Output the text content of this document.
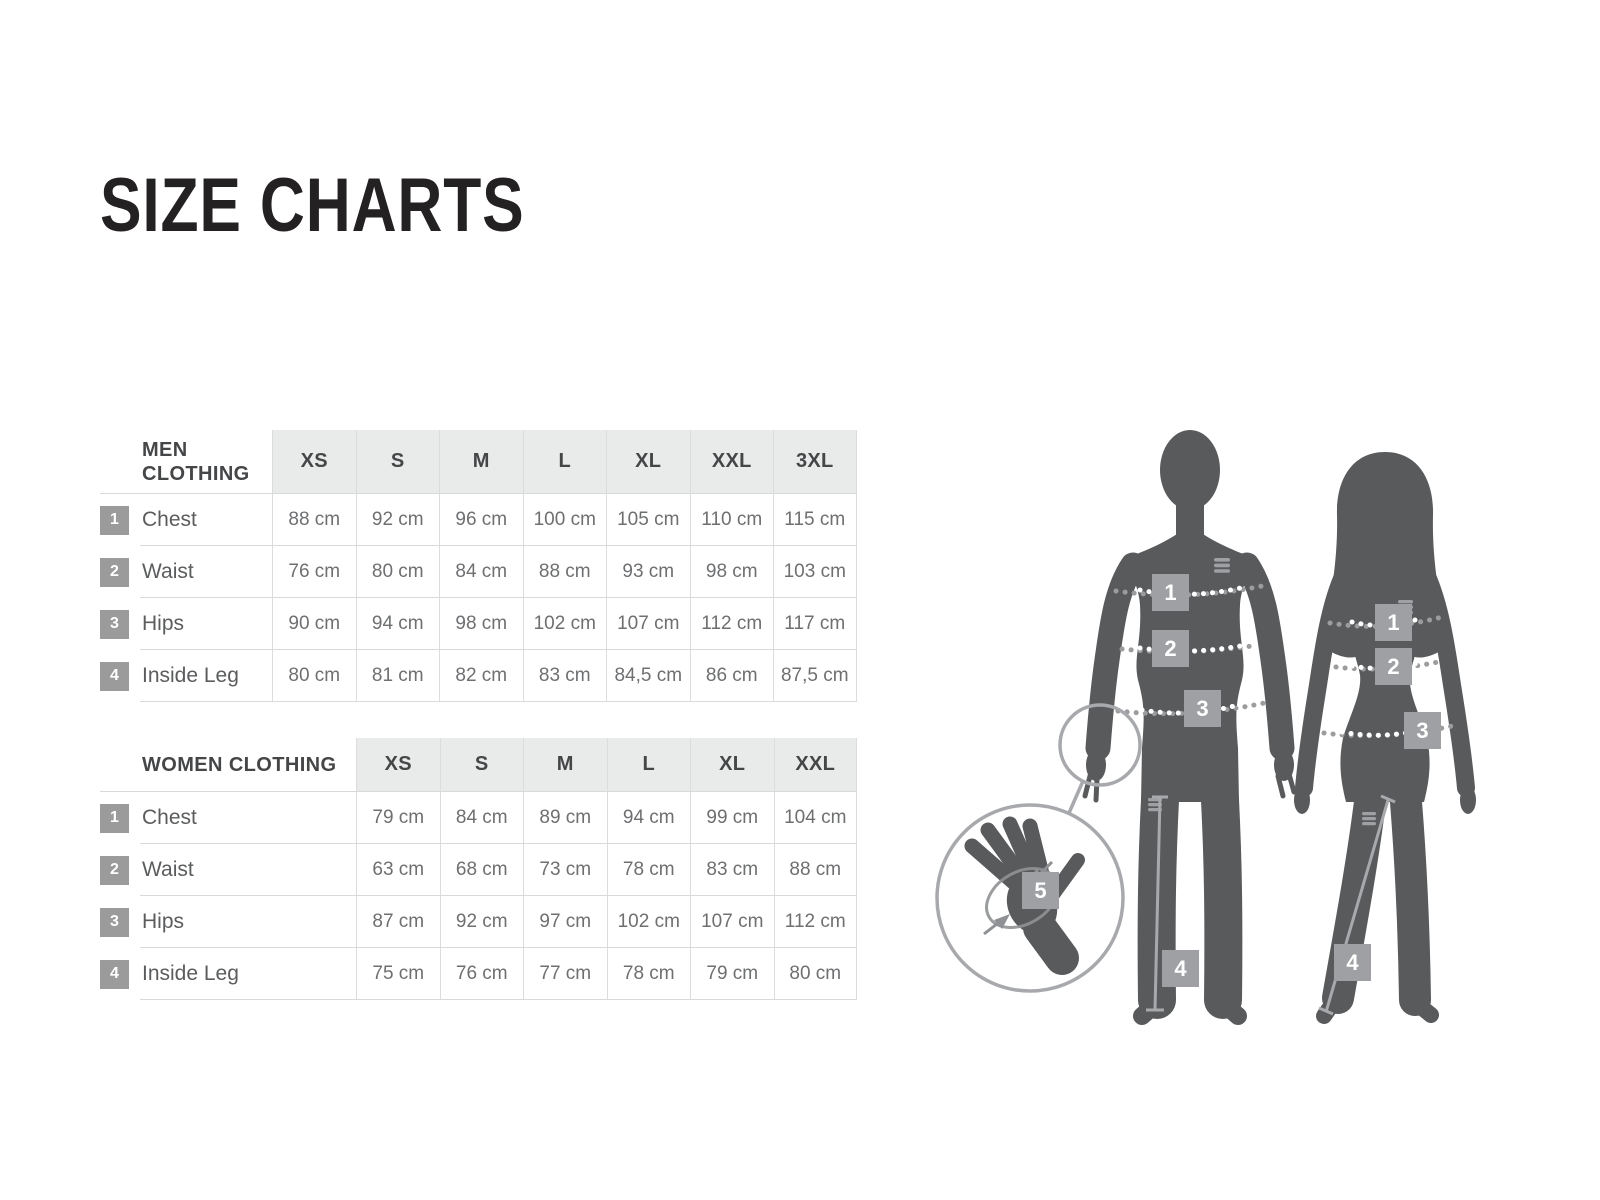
SIZE CHARTS
MEN
CLOTHING
XS	S	M	L	XL	XXL	3XL
1	Chest	88 cm	92 cm	96 cm	100 cm	105 cm	110 cm	115 cm
2	Waist	76 cm	80 cm	84 cm	88 cm	93 cm	98 cm	103 cm
3	Hips	90 cm	94 cm	98 cm	102 cm	107 cm	112 cm	117 cm
4	Inside Leg	80 cm	81 cm	82 cm	83 cm	84,5 cm	86 cm	87,5 cm
WOMEN CLOTHING	XS	S	M	L	XL	XXL
1	Chest	79 cm	84 cm	89 cm	94 cm	99 cm	104 cm
2	Waist	63 cm	68 cm	73 cm	78 cm	83 cm	88 cm
3	Hips	87 cm	92 cm	97 cm	102 cm	107 cm	112 cm
4	Inside Leg	75 cm	76 cm	77 cm	78 cm	79 cm	80 cm
1
2
3
4
1
2
3
4
5
